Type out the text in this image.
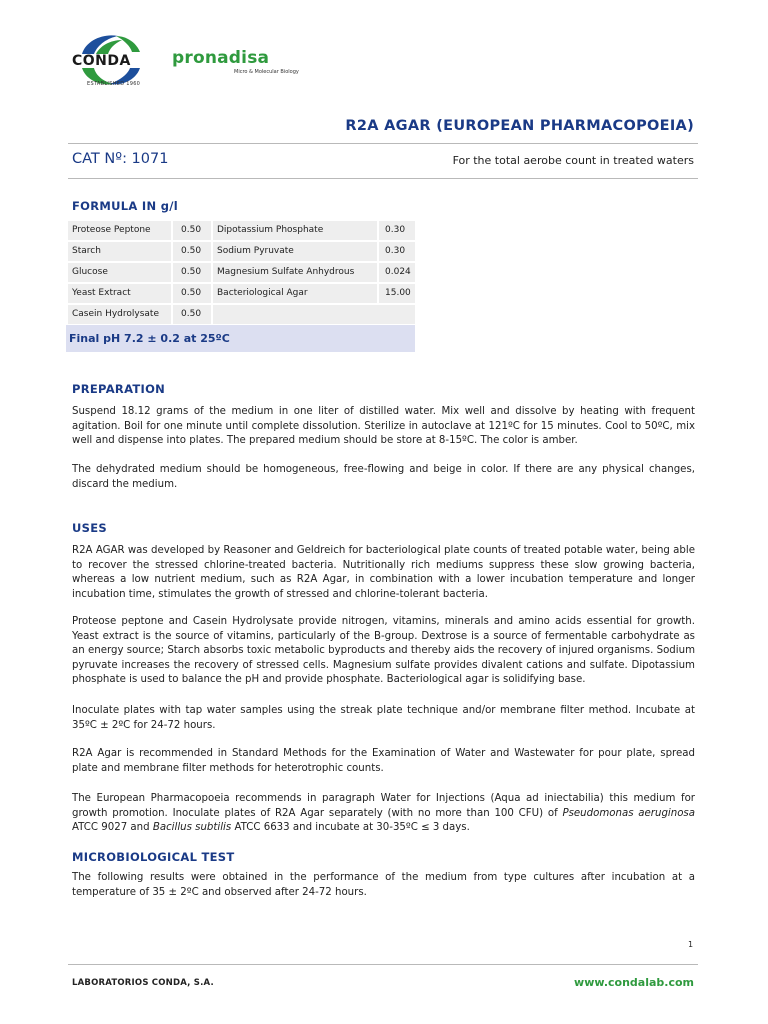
CONDA
ESTABLISHED 1960
pronadisa
Micro & Molecular Biology
R2A AGAR (EUROPEAN PHARMACOPOEIA)
CAT Nº: 1071	For the total aerobe count in treated waters
FORMULA IN g/l
Proteose Peptone	0.50	Dipotassium Phosphate	0.30
Starch	0.50	Sodium Pyruvate	0.30
Glucose	0.50	Magnesium Sulfate Anhydrous	0.024
Yeast Extract	0.50	Bacteriological Agar	15.00
Casein Hydrolysate	0.50
Final pH 7.2 ± 0.2 at 25ºC
PREPARATION

Suspend 18.12 grams of the medium in one liter of distilled water. Mix well and dissolve by heating with frequent agitation. Boil for one minute until complete dissolution. Sterilize in autoclave at 121ºC for 15 minutes. Cool to 50ºC, mix well and dispense into plates. The prepared medium should be store at 8-15ºC. The color is amber.

The dehydrated medium should be homogeneous, free-flowing and beige in color. If there are any physical changes, discard the medium.

USES

R2A AGAR was developed by Reasoner and Geldreich for bacteriological plate counts of treated potable water, being able to recover the stressed chlorine-treated bacteria. Nutritionally rich mediums suppress these slow growing bacteria, whereas a low nutrient medium, such as R2A Agar, in combination with a lower incubation temperature and longer incubation time, stimulates the growth of stressed and chlorine-tolerant bacteria.

Proteose peptone and Casein Hydrolysate provide nitrogen, vitamins, minerals and amino acids essential for growth. Yeast extract is the source of vitamins, particularly of the B-group. Dextrose is a source of fermentable carbohydrate as an energy source; Starch absorbs toxic metabolic byproducts and thereby aids the recovery of injured organisms. Sodium pyruvate increases the recovery of stressed cells. Magnesium sulfate provides divalent cations and sulfate. Dipotassium phosphate is used to balance the pH and provide phosphate. Bacteriological agar is solidifying base.

Inoculate plates with tap water samples using the streak plate technique and/or membrane filter method. Incubate at 35ºC ± 2ºC for 24-72 hours.

R2A Agar is recommended in Standard Methods for the Examination of Water and Wastewater for pour plate, spread plate and membrane filter methods for heterotrophic counts.

The European Pharmacopoeia recommends in paragraph Water for Injections (Aqua ad iniectabilia) this medium for growth promotion. Inoculate plates of R2A Agar separately (with no more than 100 CFU) of Pseudomonas aeruginosa ATCC 9027 and Bacillus subtilis ATCC 6633 and incubate at 30-35ºC ≤ 3 days.

MICROBIOLOGICAL TEST

The following results were obtained in the performance of the medium from type cultures after incubation at a temperature of 35 ± 2ºC and observed after 24-72 hours.

1
LABORATORIOS CONDA, S.A.	www.condalab.com
